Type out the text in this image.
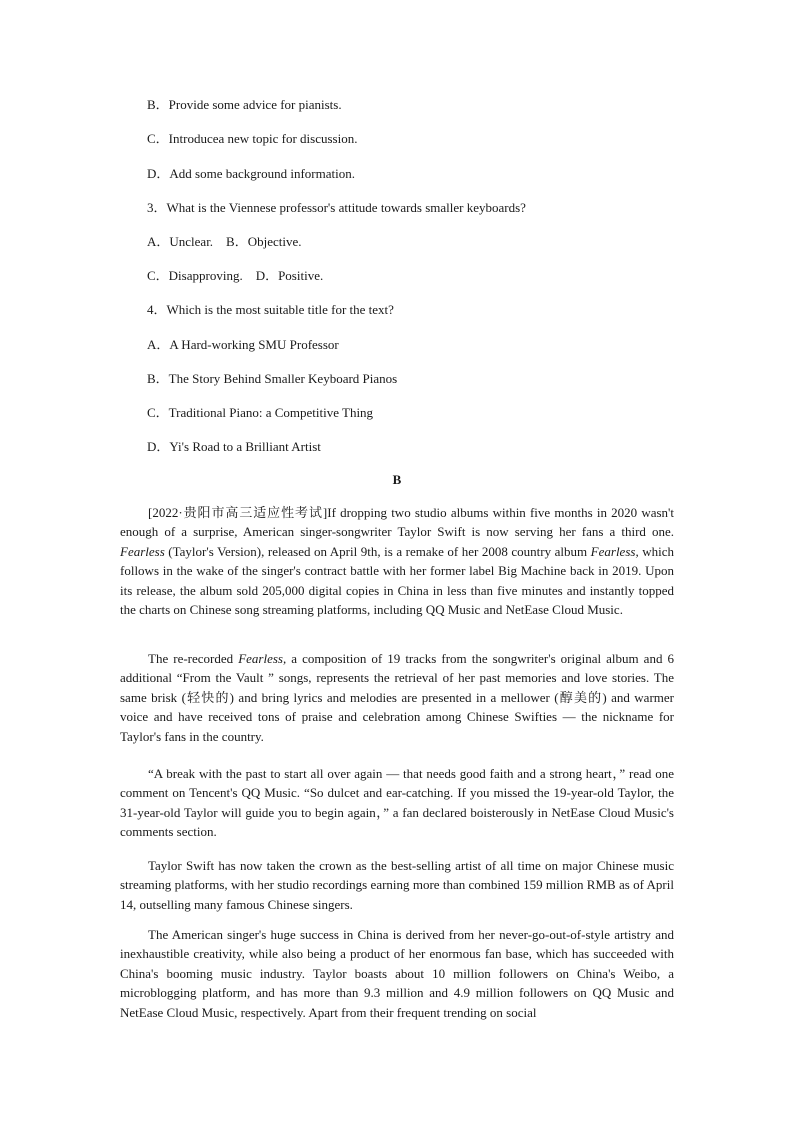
B．Provide some advice for pianists.
C．Introducea new topic for discussion.
D．Add some background information.
3．What is the Viennese professor's attitude towards smaller keyboards?
A．Unclear.　B．Objective.
C．Disapproving.　D．Positive.
4．Which is the most suitable title for the text?
A．A Hard-working SMU Professor
B．The Story Behind Smaller Keyboard Pianos
C．Traditional Piano: a Competitive Thing
D．Yi's Road to a Brilliant Artist
B

[2022·贵阳市高三适应性考试]If dropping two studio albums within five months in 2020 wasn't enough of a surprise, American singer-songwriter Taylor Swift is now serving her fans a third one. Fearless (Taylor's Version), released on April 9th, is a remake of her 2008 country album Fearless, which follows in the wake of the singer's contract battle with her former label Big Machine back in 2019. Upon its release, the album sold 205,000 digital copies in China in less than five minutes and instantly topped the charts on Chinese song streaming platforms, including QQ Music and NetEase Cloud Music.

The re-recorded Fearless, a composition of 19 tracks from the songwriter's original album and 6 additional “From the Vault ” songs, represents the retrieval of her past memories and love stories. The same brisk (轻快的) and bring lyrics and melodies are presented in a mellower (醇美的) and warmer voice and have received tons of praise and celebration among Chinese Swifties — the nickname for Taylor's fans in the country.

“A break with the past to start all over again — that needs good faith and a strong heart，” read one comment on Tencent's QQ Music. “So dulcet and ear-catching. If you missed the 19-year-old Taylor, the 31-year-old Taylor will guide you to begin again，” a fan declared boisterously in NetEase Cloud Music's comments section.

Taylor Swift has now taken the crown as the best-selling artist of all time on major Chinese music streaming platforms, with her studio recordings earning more than combined 159 million RMB as of April 14, outselling many famous Chinese singers.

The American singer's huge success in China is derived from her never-go-out-of-style artistry and inexhaustible creativity, while also being a product of her enormous fan base, which has succeeded with China's booming music industry. Taylor boasts about 10 million followers on China's Weibo, a microblogging platform, and has more than 9.3 million and 4.9 million followers on QQ Music and NetEase Cloud Music, respectively. Apart from their frequent trending on social
